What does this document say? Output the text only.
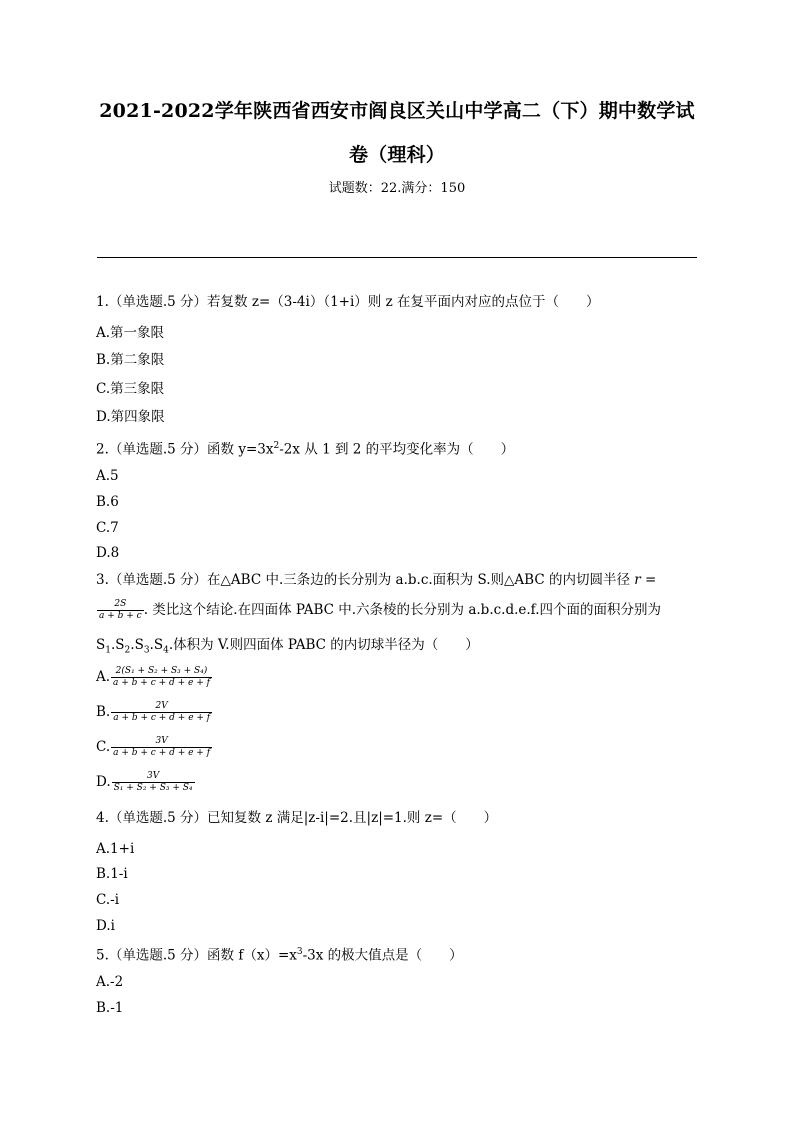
2021-2022学年陕西省西安市阎良区关山中学高二（下）期中数学试
卷（理科）
试题数：22.满分：150
1.（单选题.5 分）若复数 z=（3-4i）（1+i）则 z 在复平面内对应的点位于（　　）
A.第一象限
B.第二象限
C.第三象限
D.第四象限
2.（单选题.5 分）函数 $y=3x^2-2x$ 从 1 到 2 的平均变化率为（　　）
A.5
B.6
C.7
D.8
3.（单选题.5 分）在△ABC 中.三条边的长分别为 a.b.c.面积为 S.则△ABC 的内切圆半径 r =
$\frac{2S}{a + b + c}$ . 类比这个结论.在四面体 PABC 中.六条棱的长分别为 a.b.c.d.e.f.四个面的面积分别为
$S_1.S_2.S_3.S_4$.体积为 V.则四面体 PABC 的内切球半径为（　　）
A. $\frac{\text{2(S₁ + S₂ + S₃ + S₄)}}{a + b + c + d + e + f}$
B. $\frac{2V}{a + b + c + d + e + f}$
C. $\frac{3V}{a + b + c + d + e + f}$
D. $\frac{3V}{\text{S₁ + S₂ + S₃ + S₄}}$
4.（单选题.5 分）已知复数 z 满足|z-i|=2.且|z|=1.则 z=（　　）
A.1+i
B.1-i
C.-i
D.i
5.（单选题.5 分）函数 $f(x)=x^3-3x$ 的极大值点是（　　）
A.-2
B.-1
